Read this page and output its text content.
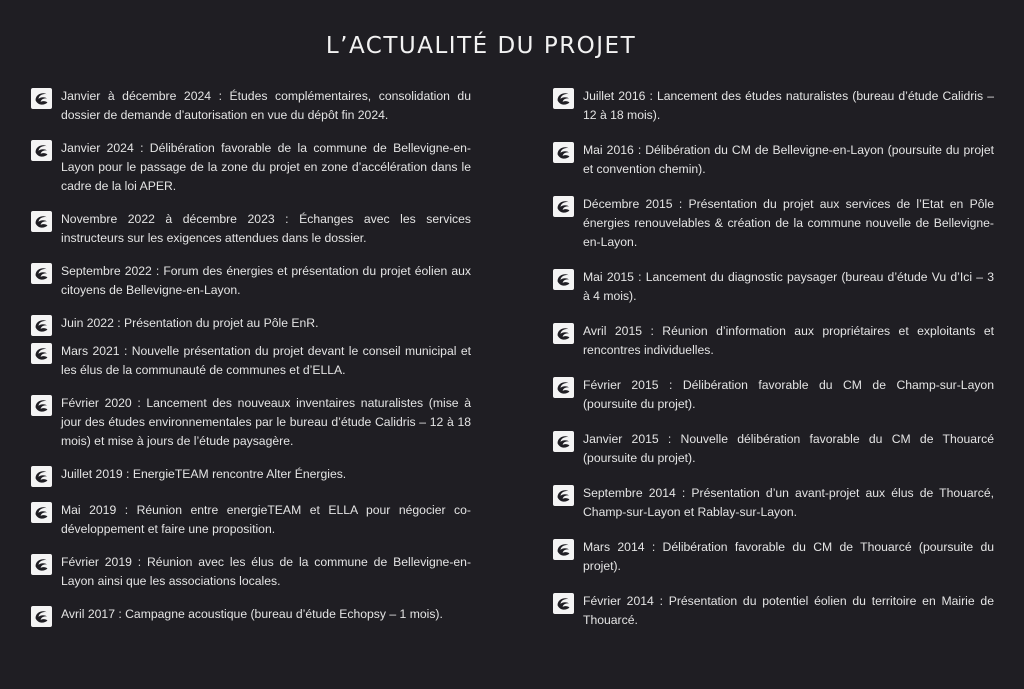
L’ACTUALITÉ DU PROJET
Janvier à décembre 2024 : Études complémentaires, consolidation du dossier de demande d’autorisation en vue du dépôt fin 2024.
Janvier 2024 : Délibération favorable de la commune de Bellevigne-en-Layon pour le passage de la zone du projet en zone d’accélération dans le cadre de la loi APER.
Novembre 2022 à décembre 2023 : Échanges avec les services instructeurs sur les exigences attendues dans le dossier.
Septembre 2022 : Forum des énergies et présentation du projet éolien aux citoyens de Bellevigne-en-Layon.
Juin 2022 : Présentation du projet au Pôle EnR.
Mars 2021 : Nouvelle présentation du projet devant le conseil municipal et les élus de la communauté de communes et d’ELLA.
Février 2020 : Lancement des nouveaux inventaires naturalistes (mise à jour des études environnementales par le bureau d’étude Calidris – 12 à 18 mois) et mise à jours de l’étude paysagère.
Juillet 2019 : EnergieTEAM rencontre Alter Énergies.
Mai 2019 : Réunion entre energieTEAM et ELLA pour négocier co-développement et faire une proposition.
Février 2019 : Réunion avec les élus de la commune de Bellevigne-en-Layon ainsi que les associations locales.
Avril 2017 : Campagne acoustique (bureau d’étude Echopsy – 1 mois).
Juillet 2016 : Lancement des études naturalistes (bureau d’étude Calidris – 12 à 18 mois).
Mai 2016 : Délibération du CM de Bellevigne-en-Layon (poursuite du projet et convention chemin).
Décembre 2015 : Présentation du projet aux services de l’Etat en Pôle énergies renouvelables & création de la commune nouvelle de Bellevigne-en-Layon.
Mai 2015 : Lancement du diagnostic paysager (bureau d’étude Vu d’Ici – 3 à 4 mois).
Avril 2015 : Réunion d’information aux propriétaires et exploitants et rencontres individuelles.
Février 2015 : Délibération favorable du CM de Champ-sur-Layon (poursuite du projet).
Janvier 2015 : Nouvelle délibération favorable du CM de Thouarcé (poursuite du projet).
Septembre 2014 : Présentation d’un avant-projet aux élus de Thouarcé, Champ-sur-Layon et Rablay-sur-Layon.
Mars 2014 : Délibération favorable du CM de Thouarcé (poursuite du projet).
Février 2014 : Présentation du potentiel éolien du territoire en Mairie de Thouarcé.
